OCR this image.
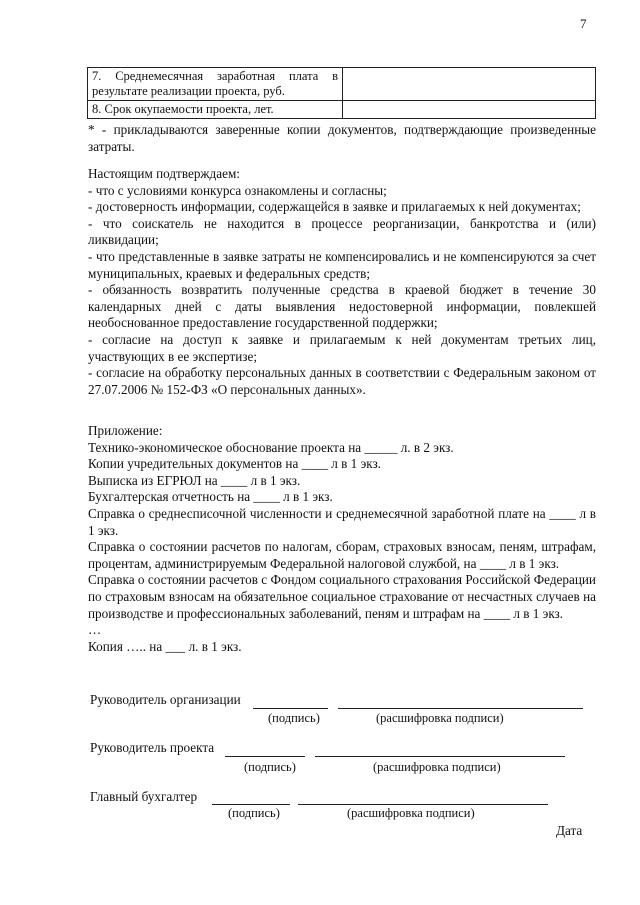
7
7. Среднемесячная заработная плата в результате реализации проекта, руб.	
8. Срок окупаемости проекта, лет.	
* - прикладываются заверенные копии документов, подтверждающие произведенные затраты.

Настоящим подтверждаем:

- что с условиями конкурса ознакомлены и согласны;

- достоверность информации, содержащейся в заявке и прилагаемых к ней документах;

- что соискатель не находится в процессе реорганизации, банкротства и (или) ликвидации;

- что представленные в заявке затраты не компенсировались и не компенсируются за счет муниципальных, краевых и федеральных средств;

- обязанность возвратить полученные средства в краевой бюджет в течение 30 календарных дней с даты выявления недостоверной информации, повлекшей необоснованное предоставление государственной поддержки;

- согласие на доступ к заявке и прилагаемым к ней документам третьих лиц, участвующих в ее экспертизе;

- согласие на обработку персональных данных в соответствии с Федеральным законом от 27.07.2006 № 152-ФЗ «О персональных данных».

Приложение:

Технико-экономическое обоснование проекта на _____ л. в 2 экз.

Копии учредительных документов на ____ л в 1 экз.

Выписка из ЕГРЮЛ на ____ л в 1 экз.

Бухгалтерская отчетность на ____ л в 1 экз.

Справка о среднесписочной численности и среднемесячной заработной плате на ____ л в 1 экз.

Справка о состоянии расчетов по налогам, сборам, страховых взносам, пеням, штрафам, процентам, администрируемым Федеральной налоговой службой, на ____ л в 1 экз.

Справка о состоянии расчетов с Фондом социального страхования Российской Федерации по страховым взносам на обязательное социальное страхование от несчастных случаев на производстве и профессиональных заболеваний, пеням и штрафам на ____ л в 1 экз.

…

Копия ….. на ___ л. в 1 экз.

Руководитель организации
(подпись)	(расшифровка подписи)
Руководитель проекта
(подпись)	(расшифровка подписи)
Главный бухгалтер
(подпись)	(расшифровка подписи)
Дата
